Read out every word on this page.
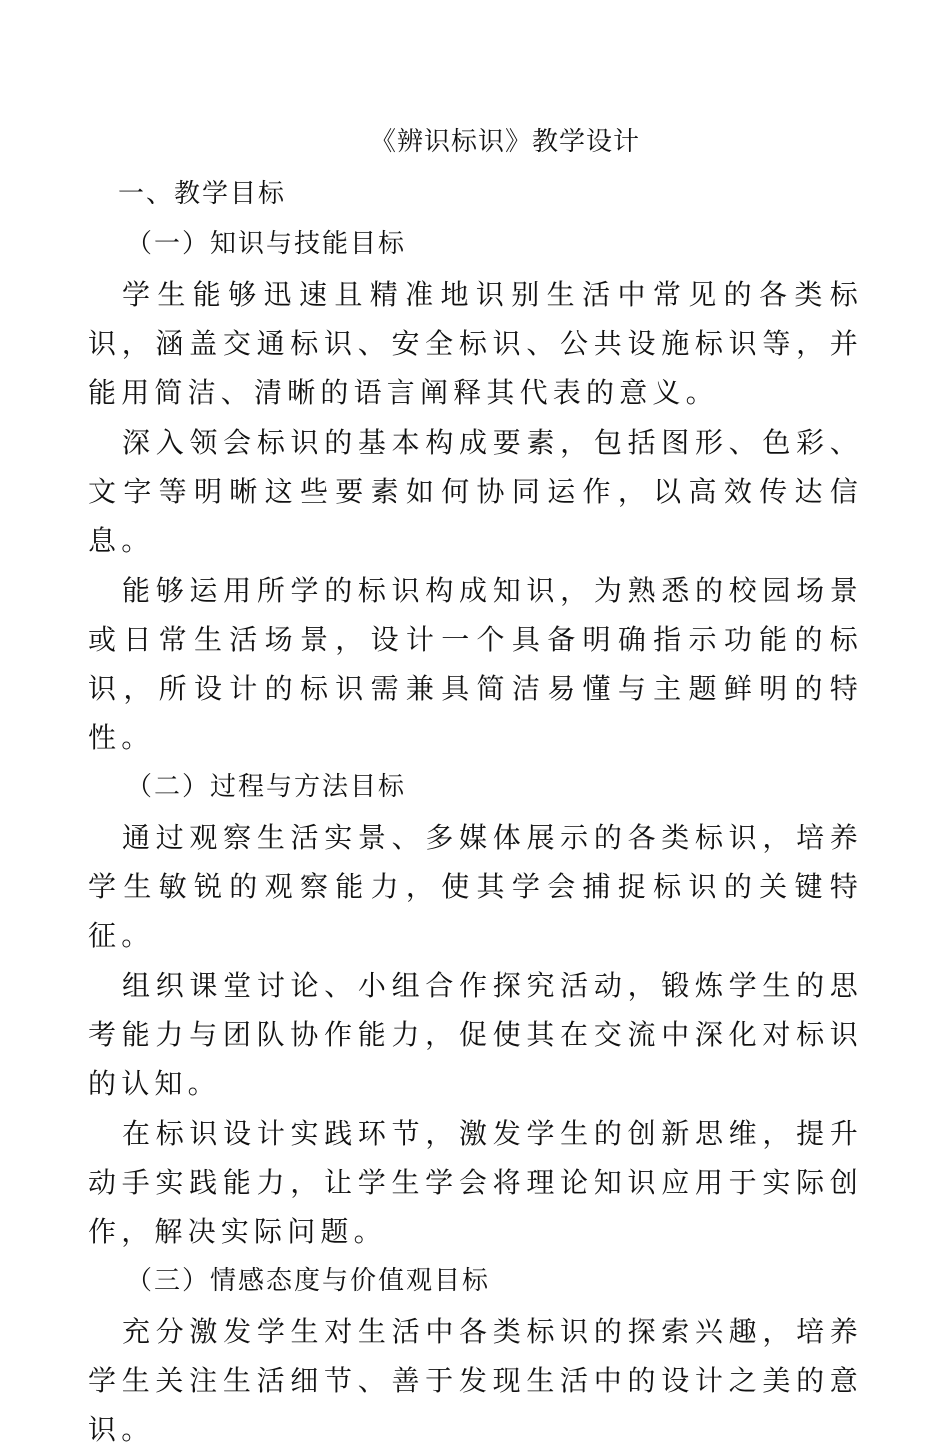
《辨识标识》教学设计
一、教学目标
（一）知识与技能目标
学生能够迅速且精准地识别生活中常见的各类标识，涵盖交通标识、安全标识、公共设施标识等，并能用简洁、清晰的语言阐释其代表的意义。
深入领会标识的基本构成要素，包括图形、色彩、文字等明晰这些要素如何协同运作，以高效传达信息。
能够运用所学的标识构成知识，为熟悉的校园场景或日常生活场景，设计一个具备明确指示功能的标识，所设计的标识需兼具简洁易懂与主题鲜明的特性。
（二）过程与方法目标
通过观察生活实景、多媒体展示的各类标识，培养学生敏锐的观察能力，使其学会捕捉标识的关键特征。
组织课堂讨论、小组合作探究活动，锻炼学生的思考能力与团队协作能力，促使其在交流中深化对标识的认知。
在标识设计实践环节，激发学生的创新思维，提升动手实践能力，让学生学会将理论知识应用于实际创作，解决实际问题。
（三）情感态度与价值观目标
充分激发学生对生活中各类标识的探索兴趣，培养学生关注生活细节、善于发现生活中的设计之美的意识。
